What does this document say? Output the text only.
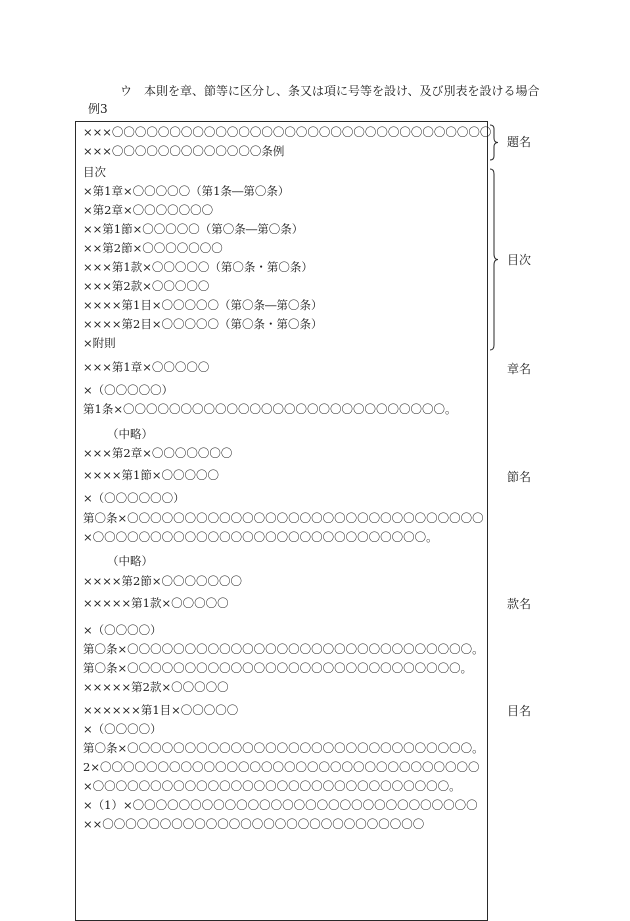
ウ　本則を章、節等に区分し、条又は項に号等を設け、及び別表を設ける場合
例3
×××〇〇〇〇〇〇〇〇〇〇〇〇〇〇〇〇〇〇〇〇〇〇〇〇〇〇〇〇〇〇〇〇〇
×××〇〇〇〇〇〇〇〇〇〇〇〇〇条例
目次
×第1章×〇〇〇〇〇（第1条―第〇条）
×第2章×〇〇〇〇〇〇〇
××第1節×〇〇〇〇〇（第〇条―第〇条）
××第2節×〇〇〇〇〇〇〇
×××第1款×〇〇〇〇〇（第〇条・第〇条）
×××第2款×〇〇〇〇〇
××××第1目×〇〇〇〇〇（第〇条―第〇条）
××××第2目×〇〇〇〇〇（第〇条・第〇条）
×附則
×××第1章×〇〇〇〇〇
×（〇〇〇〇〇）
第1条×〇〇〇〇〇〇〇〇〇〇〇〇〇〇〇〇〇〇〇〇〇〇〇〇〇〇〇〇。
（中略）
×××第2章×〇〇〇〇〇〇〇
××××第1節×〇〇〇〇〇
×（〇〇〇〇〇〇）
第〇条×〇〇〇〇〇〇〇〇〇〇〇〇〇〇〇〇〇〇〇〇〇〇〇〇〇〇〇〇〇〇〇
×〇〇〇〇〇〇〇〇〇〇〇〇〇〇〇〇〇〇〇〇〇〇〇〇〇〇〇〇〇。
（中略）
××××第2節×〇〇〇〇〇〇〇
×××××第1款×〇〇〇〇〇
×（〇〇〇〇）
第〇条×〇〇〇〇〇〇〇〇〇〇〇〇〇〇〇〇〇〇〇〇〇〇〇〇〇〇〇〇〇〇。
第〇条×〇〇〇〇〇〇〇〇〇〇〇〇〇〇〇〇〇〇〇〇〇〇〇〇〇〇〇〇〇。
×××××第2款×〇〇〇〇〇
××××××第1目×〇〇〇〇〇
×（〇〇〇〇）
第〇条×〇〇〇〇〇〇〇〇〇〇〇〇〇〇〇〇〇〇〇〇〇〇〇〇〇〇〇〇〇〇。
2×〇〇〇〇〇〇〇〇〇〇〇〇〇〇〇〇〇〇〇〇〇〇〇〇〇〇〇〇〇〇〇〇〇
×〇〇〇〇〇〇〇〇〇〇〇〇〇〇〇〇〇〇〇〇〇〇〇〇〇〇〇〇〇〇〇。
×（1）×〇〇〇〇〇〇〇〇〇〇〇〇〇〇〇〇〇〇〇〇〇〇〇〇〇〇〇〇〇〇
××〇〇〇〇〇〇〇〇〇〇〇〇〇〇〇〇〇〇〇〇〇〇〇〇〇〇〇〇
題名
目次
章名
節名
款名
目名
